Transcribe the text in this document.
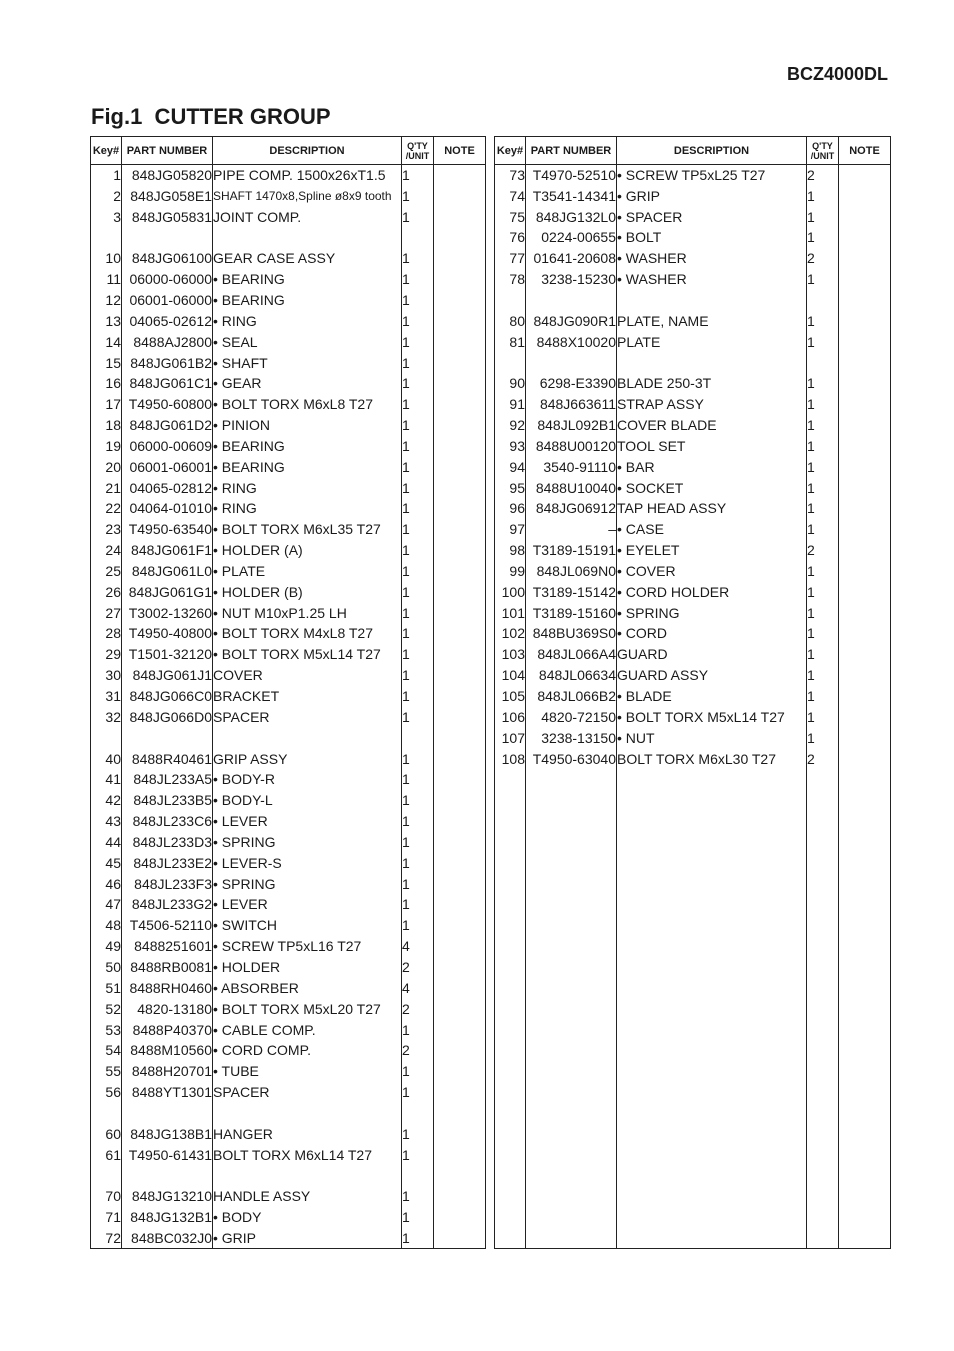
BCZ4000DL
Fig.1  CUTTER GROUP
Key#	PART NUMBER	DESCRIPTION	Q'TY
/UNIT	NOTE
1	848JG05820	PIPE COMP. 1500x26xT1.5	1	
2	848JG058E1	SHAFT 1470x8,Spline ø8x9 tooth	1	
3	848JG05831	JOINT COMP.	1	

10	848JG06100	GEAR CASE ASSY	1	
11	06000-06000	• BEARING	1	
12	06001-06000	• BEARING	1	
13	04065-02612	• RING	1	
14	8488AJ2800	• SEAL	1	
15	848JG061B2	• SHAFT	1	
16	848JG061C1	• GEAR	1	
17	T4950-60800	• BOLT TORX M6xL8 T27	1	
18	848JG061D2	• PINION	1	
19	06000-00609	• BEARING	1	
20	06001-06001	• BEARING	1	
21	04065-02812	• RING	1	
22	04064-01010	• RING	1	
23	T4950-63540	• BOLT TORX M6xL35 T27	1	
24	848JG061F1	• HOLDER (A)	1	
25	848JG061L0	• PLATE	1	
26	848JG061G1	• HOLDER (B)	1	
27	T3002-13260	• NUT M10xP1.25 LH	1	
28	T4950-40800	• BOLT TORX M4xL8 T27	1	
29	T1501-32120	• BOLT TORX M5xL14 T27	1	
30	848JG061J1	COVER	1	
31	848JG066C0	BRACKET	1	
32	848JG066D0	SPACER	1	

40	8488R40461	GRIP ASSY	1	
41	848JL233A5	• BODY-R	1	
42	848JL233B5	• BODY-L	1	
43	848JL233C6	• LEVER	1	
44	848JL233D3	• SPRING	1	
45	848JL233E2	• LEVER-S	1	
46	848JL233F3	• SPRING	1	
47	848JL233G2	• LEVER	1	
48	T4506-52110	• SWITCH	1	
49	8488251601	• SCREW TP5xL16 T27	4	
50	8488RB0081	• HOLDER	2	
51	8488RH0460	• ABSORBER	4	
52	4820-13180	• BOLT TORX M5xL20 T27	2	
53	8488P40370	• CABLE COMP.	1	
54	8488M10560	• CORD COMP.	2	
55	8488H20701	• TUBE	1	
56	8488YT1301	SPACER	1	

60	848JG138B1	HANGER	1	
61	T4950-61431	BOLT TORX M6xL14 T27	1	

70	848JG13210	HANDLE ASSY	1	
71	848JG132B1	• BODY	1	
72	848BC032J0	• GRIP	1	
Key#	PART NUMBER	DESCRIPTION	Q'TY
/UNIT	NOTE
73	T4970-52510	• SCREW TP5xL25 T27	2	
74	T3541-14341	• GRIP	1	
75	848JG132L0	• SPACER	1	
76	0224-00655	• BOLT	1	
77	01641-20608	• WASHER	2	
78	3238-15230	• WASHER	1	

80	848JG090R1	PLATE, NAME	1	
81	8488X10020	PLATE	1	

90	6298-E3390	BLADE 250-3T	1	
91	848J663611	STRAP ASSY	1	
92	848JL092B1	COVER BLADE	1	
93	8488U00120	TOOL SET	1	
94	3540-91110	• BAR	1	
95	8488U10040	• SOCKET	1	
96	848JG06912	TAP HEAD ASSY	1	
97	–	• CASE	1	
98	T3189-15191	• EYELET	2	
99	848JL069N0	• COVER	1	
100	T3189-15142	• CORD HOLDER	1	
101	T3189-15160	• SPRING	1	
102	848BU369S0	• CORD	1	
103	848JL066A4	GUARD	1	
104	848JL06634	GUARD ASSY	1	
105	848JL066B2	• BLADE	1	
106	4820-72150	• BOLT TORX M5xL14 T27	1	
107	3238-13150	• NUT	1	
108	T4950-63040	BOLT TORX M6xL30 T27	2	
